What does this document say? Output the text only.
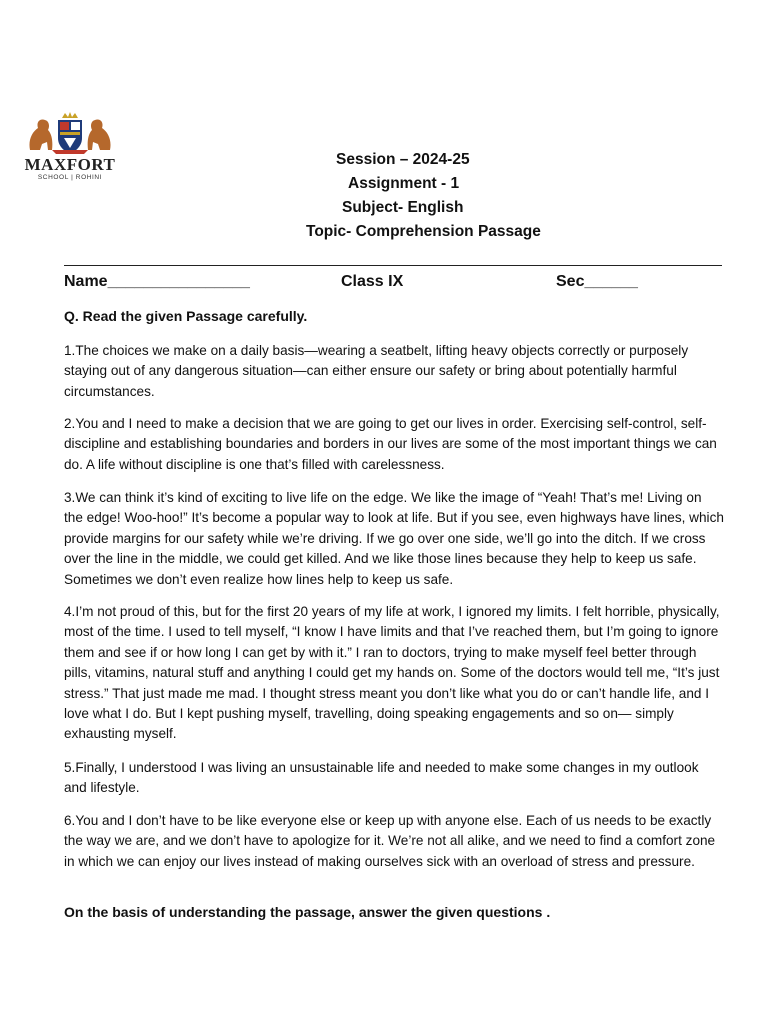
MAXFORT
SCHOOL | ROHINI
Session – 2024-25
Assignment - 1
Subject- English
Topic- Comprehension Passage
Name________________	Class IX	Sec______
Q. Read the given Passage carefully.

1.The choices we make on a daily basis—wearing a seatbelt, lifting heavy objects correctly or purposely staying out of any dangerous situation—can either ensure our safety or bring about potentially harmful circumstances.

2.You and I need to make a decision that we are going to get our lives in order. Exercising self-control, self-discipline and establishing boundaries and borders in our lives are some of the most important things we can do. A life without discipline is one that’s filled with carelessness.

3.We can think it’s kind of exciting to live life on the edge. We like the image of “Yeah! That’s me! Living on the edge! Woo-hoo!” It’s become a popular way to look at life. But if you see, even highways have lines, which provide margins for our safety while we’re driving. If we go over one side, we’ll go into the ditch. If we cross over the line in the middle, we could get killed. And we like those lines because they help to keep us safe. Sometimes we don’t even realize how lines help to keep us safe.

4.I’m not proud of this, but for the first 20 years of my life at work, I ignored my limits. I felt horrible, physically, most of the time. I used to tell myself, “I know I have limits and that I’ve reached them, but I’m going to ignore them and see if or how long I can get by with it.” I ran to doctors, trying to make myself feel better through pills, vitamins, natural stuff and anything I could get my hands on. Some of the doctors would tell me, “It’s just stress.” That just made me mad. I thought stress meant you don’t like what you do or can’t handle life, and I love what I do. But I kept pushing myself, travelling, doing speaking engagements and so on— simply exhausting myself.

5.Finally, I understood I was living an unsustainable life and needed to make some changes in my outlook and lifestyle.

6.You and I don’t have to be like everyone else or keep up with anyone else. Each of us needs to be exactly the way we are, and we don’t have to apologize for it. We’re not all alike, and we need to find a comfort zone in which we can enjoy our lives instead of making ourselves sick with an overload of stress and pressure.

On the basis of understanding the passage, answer the given questions .
